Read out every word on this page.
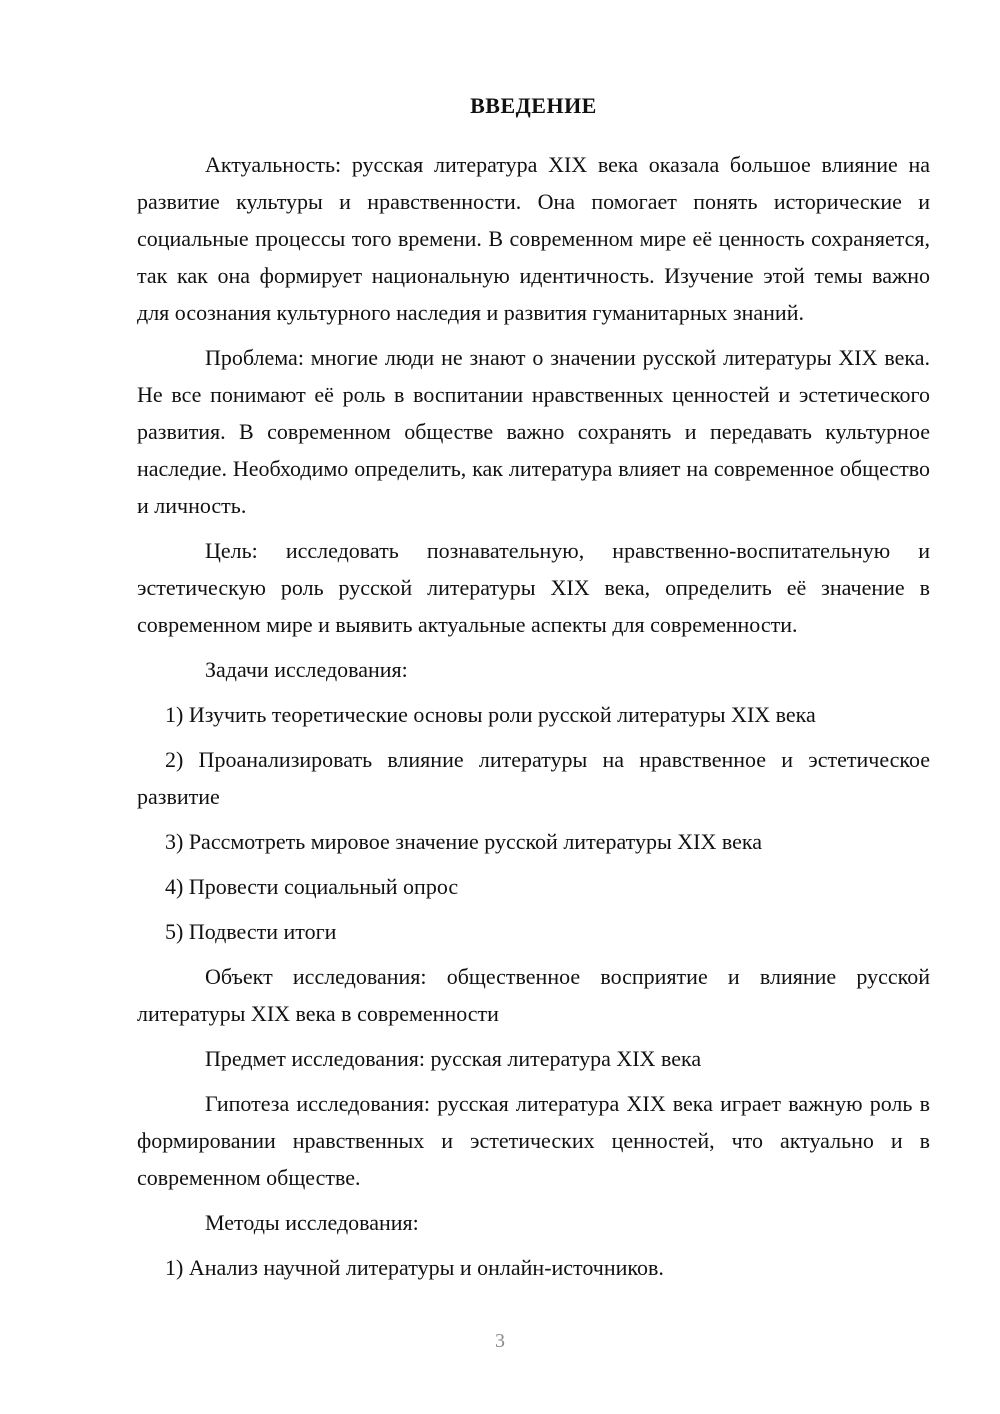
ВВЕДЕНИЕ

Актуальность: русская литература XIX века оказала большое влияние на развитие культуры и нравственности. Она помогает понять исторические и социальные процессы того времени. В современном мире её ценность сохраняется, так как она формирует национальную идентичность. Изучение этой темы важно для осознания культурного наследия и развития гуманитарных знаний.

Проблема: многие люди не знают о значении русской литературы XIX века. Не все понимают её роль в воспитании нравственных ценностей и эстетического развития. В современном обществе важно сохранять и передавать культурное наследие. Необходимо определить, как литература влияет на современное общество и личность.

Цель: исследовать познавательную, нравственно-воспитательную и эстетическую роль русской литературы XIX века, определить её значение в современном мире и выявить актуальные аспекты для современности.

Задачи исследования:

1) Изучить теоретические основы роли русской литературы XIX века

2) Проанализировать влияние литературы на нравственное и эстетическое развитие

3) Рассмотреть мировое значение русской литературы XIX века

4) Провести социальный опрос

5) Подвести итоги

Объект исследования: общественное восприятие и влияние русской литературы XIX века в современности

Предмет исследования: русская литература XIX века

Гипотеза исследования: русская литература XIX века играет важную роль в формировании нравственных и эстетических ценностей, что актуально и в современном обществе.

Методы исследования:

1) Анализ научной литературы и онлайн-источников.

3
